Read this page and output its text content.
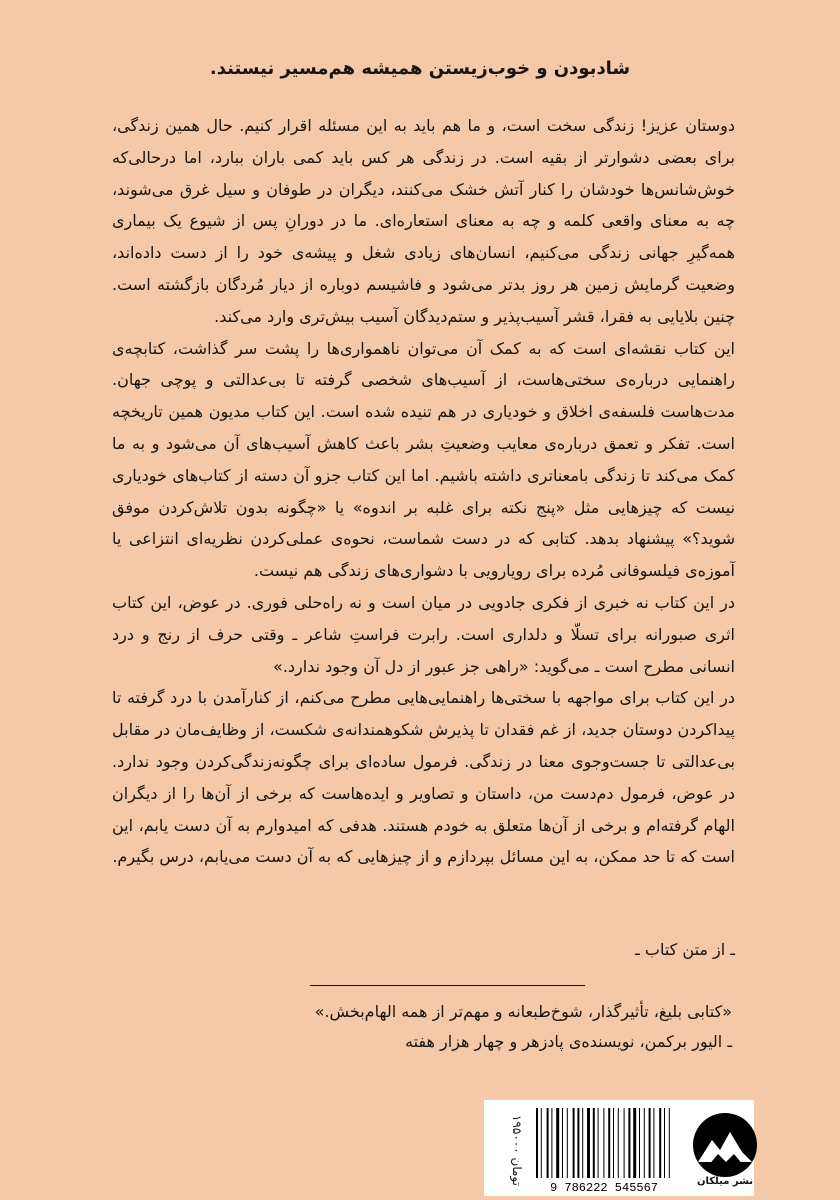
شادبودن و خوب‌زیستن همیشه هم‌مسیر نیستند.

دوستان عزیز! زندگی سخت است، و ما هم باید به این مسئله اقرار کنیم. حال همین زندگی، برای بعضی دشوارتر از بقیه است. در زندگی هر کس باید کمی باران ببارد، اما درحالی‌که خوش‌شانس‌ها خودشان را کنار آتش خشک می‌کنند، دیگران در طوفان و سیل غرق می‌شوند، چه به معنای واقعی کلمه و چه به معنای استعاره‌ای. ما در دورانِ پس از شیوع یک بیماری همه‌گیرِ جهانی زندگی می‌کنیم، انسان‌های زیادی شغل و پیشه‌ی خود را از دست داده‌اند، وضعیت گرمایش زمین هر روز بدتر می‌شود و فاشیسم دوباره از دیار مُردگان بازگشته است. چنین بلایایی به فقرا، قشر آسیب‌پذیر و ستم‌دیدگان آسیب بیش‌تری وارد می‌کند.

این کتاب نقشه‌ای است که به کمک آن می‌توان ناهمواری‌ها را پشت سر گذاشت، کتابچه‌ی راهنمایی درباره‌ی سختی‌هاست، از آسیب‌های شخصی گرفته تا بی‌عدالتی و پوچی جهان. مدت‌هاست فلسفه‌ی اخلاق و خودیاری در هم تنیده شده است. این کتاب مدیون همین تاریخچه است. تفکر و تعمق درباره‌ی معایب وضعیتِ بشر باعث کاهش آسیب‌های آن می‌شود و به ما کمک می‌کند تا زندگی بامعناتری داشته باشیم. اما این کتاب جزو آن دسته از کتاب‌های خودیاری نیست که چیزهایی مثل «پنج نکته برای غلبه بر اندوه» یا «چگونه بدون تلاش‌کردن موفق شوید؟» پیشنهاد بدهد. کتابی که در دست شماست، نحوه‌ی عملی‌کردن نظریه‌ای انتزاعی یا آموزه‌ی فیلسوفانی مُرده برای رویارویی با دشواری‌های زندگی هم نیست.

در این کتاب نه خبری از فکری جادویی در میان است و نه راه‌حلی فوری. در عوض، این کتاب اثری صبورانه برای تسلّا و دلداری است. رابرت فراستِ شاعر ـ وقتی حرف از رنج و درد انسانی مطرح است ـ می‌گوید: «راهی جز عبور از دل آن وجود ندارد.»

در این کتاب برای مواجهه با سختی‌ها راهنمایی‌هایی مطرح می‌کنم، از کنارآمدن با درد گرفته تا پیداکردن دوستان جدید، از غم فقدان تا پذیرش شکوهمندانه‌ی شکست، از وظایف‌مان در مقابل بی‌عدالتی تا جست‌وجوی معنا در زندگی. فرمول ساده‌ای برای چگونه‌زندگی‌کردن وجود ندارد. در عوض، فرمول دم‌دست من، داستان و تصاویر و ایده‌هاست که برخی از آن‌ها را از دیگران الهام گرفته‌ام و برخی از آن‌ها متعلق به خودم هستند. هدفی که امیدوارم به آن دست یابم، این است که تا حد ممکن، به این مسائل بپردازم و از چیزهایی که به آن دست می‌یابم، درس بگیرم.

ـ از متن کتاب ـ
«کتابی بلیغ، تأثیرگذار، شوخ‌طبعانه و مهم‌تر از همه الهام‌بخش.»
ـ الیور برکمن، نویسنده‌ی پادزهر و چهار هزار هفته
9 786222 545567
۱۹۵۰۰۰ تومان	نشر میلکان
